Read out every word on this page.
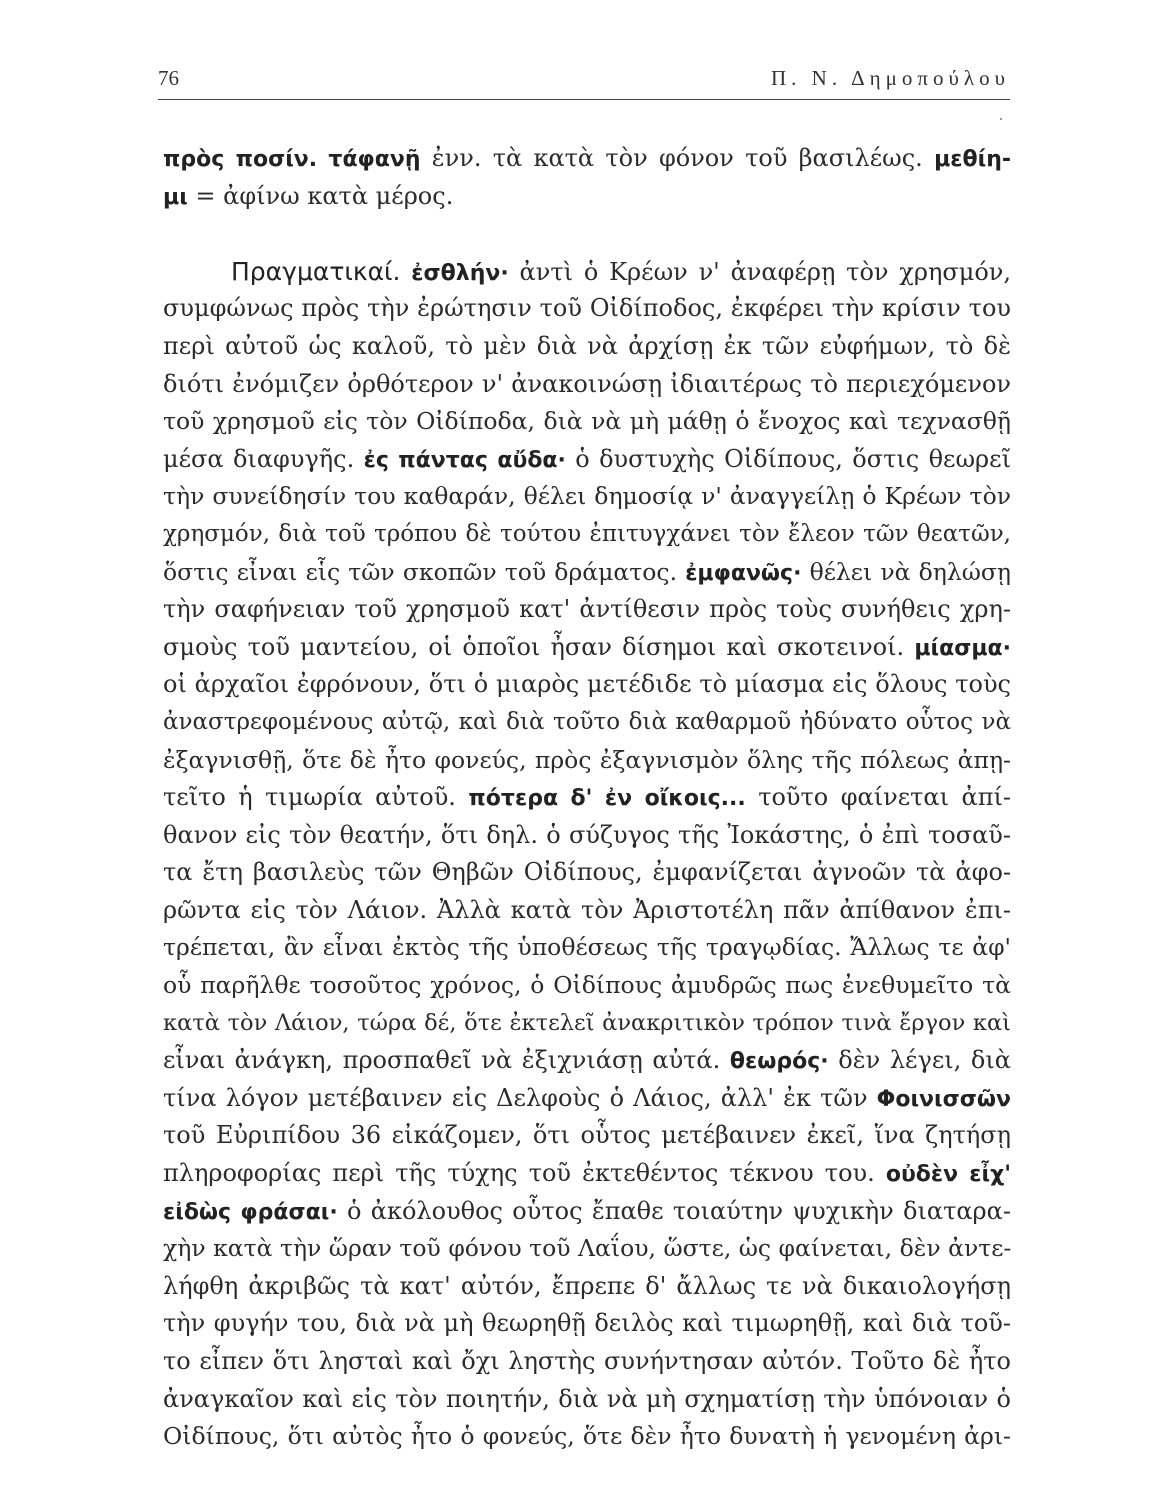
76	Π. Ν. Δημοπούλου
πρὸς ποσίν. τάφανῇ ἐνν. τὰ κατὰ τὸν φόνον τοῦ βασιλέως. μεθίη-
μι = ἀφίνω κατὰ μέρος.
Πραγματικαί. ἐσθλήν· ἀντὶ ὁ Κρέων ν' ἀναφέρῃ τὸν χρησμόν,
συμφώνως πρὸς τὴν ἐρώτησιν τοῦ Οἰδίποδος, ἐκφέρει τὴν κρίσιν του
περὶ αὐτοῦ ὡς καλοῦ, τὸ μὲν διὰ νὰ ἀρχίσῃ ἐκ τῶν εὐφήμων, τὸ δὲ
διότι ἐνόμιζεν ὀρθότερον ν' ἀνακοινώσῃ ἰδιαιτέρως τὸ περιεχόμενον
τοῦ χρησμοῦ εἰς τὸν Οἰδίποδα, διὰ νὰ μὴ μάθῃ ὁ ἔνοχος καὶ τεχνασθῇ
μέσα διαφυγῆς. ἐς πάντας αὔδα· ὁ δυστυχὴς Οἰδίπους, ὅστις θεωρεῖ
τὴν συνείδησίν του καθαράν, θέλει δημοσίᾳ ν' ἀναγγείλῃ ὁ Κρέων τὸν
χρησμόν, διὰ τοῦ τρόπου δὲ τούτου ἐπιτυγχάνει τὸν ἔλεον τῶν θεατῶν,
ὅστις εἶναι εἷς τῶν σκοπῶν τοῦ δράματος. ἐμφανῶς· θέλει νὰ δηλώσῃ
τὴν σαφήνειαν τοῦ χρησμοῦ κατ' ἀντίθεσιν πρὸς τοὺς συνήθεις χρη-
σμοὺς τοῦ μαντείου, οἱ ὁποῖοι ἦσαν δίσημοι καὶ σκοτεινοί. μίασμα·
οἱ ἀρχαῖοι ἐφρόνουν, ὅτι ὁ μιαρὸς μετέδιδε τὸ μίασμα εἰς ὅλους τοὺς
ἀναστρεφομένους αὐτῷ, καὶ διὰ τοῦτο διὰ καθαρμοῦ ἠδύνατο οὗτος νὰ
ἐξαγνισθῇ, ὅτε δὲ ἦτο φονεύς, πρὸς ἐξαγνισμὸν ὅλης τῆς πόλεως ἀπῃ-
τεῖτο ἡ τιμωρία αὐτοῦ. πότερα δ' ἐν οἴκοις... τοῦτο φαίνεται ἀπί-
θανον εἰς τὸν θεατήν, ὅτι δηλ. ὁ σύζυγος τῆς Ἰοκάστης, ὁ ἐπὶ τοσαῦ-
τα ἔτη βασιλεὺς τῶν Θηβῶν Οἰδίπους, ἐμφανίζεται ἀγνοῶν τὰ ἀφο-
ρῶντα εἰς τὸν Λάιον. Ἀλλὰ κατὰ τὸν Ἀριστοτέλη πᾶν ἀπίθανον ἐπι-
τρέπεται, ἂν εἶναι ἐκτὸς τῆς ὑποθέσεως τῆς τραγῳδίας. Ἄλλως τε ἀφ'
οὗ παρῆλθε τοσοῦτος χρόνος, ὁ Οἰδίπους ἀμυδρῶς πως ἐνεθυμεῖτο τὰ
κατὰ τὸν Λάιον, τώρα δέ, ὅτε ἐκτελεῖ ἀνακριτικὸν τρόπον τινὰ ἔργον καὶ
εἶναι ἀνάγκη, προσπαθεῖ νὰ ἐξιχνιάσῃ αὐτά. θεωρός· δὲν λέγει, διὰ
τίνα λόγον μετέβαινεν εἰς Δελφοὺς ὁ Λάιος, ἀλλ' ἐκ τῶν Φοινισσῶν
τοῦ Εὐριπίδου 36 εἰκάζομεν, ὅτι οὗτος μετέβαινεν ἐκεῖ, ἵνα ζητήσῃ
πληροφορίας περὶ τῆς τύχης τοῦ ἐκτεθέντος τέκνου του. οὐδὲν εἶχ'
εἰδὼς φράσαι· ὁ ἀκόλουθος οὗτος ἔπαθε τοιαύτην ψυχικὴν διαταρα-
χὴν κατὰ τὴν ὥραν τοῦ φόνου τοῦ Λαΐου, ὥστε, ὡς φαίνεται, δὲν ἀντε-
λήφθη ἀκριβῶς τὰ κατ' αὐτόν, ἔπρεπε δ' ἄλλως τε νὰ δικαιολογήσῃ
τὴν φυγήν του, διὰ νὰ μὴ θεωρηθῇ δειλὸς καὶ τιμωρηθῇ, καὶ διὰ τοῦ-
το εἶπεν ὅτι λησταὶ καὶ ὄχι ληστὴς συνήντησαν αὐτόν. Τοῦτο δὲ ἦτο
ἀναγκαῖον καὶ εἰς τὸν ποιητήν, διὰ νὰ μὴ σχηματίσῃ τὴν ὑπόνοιαν ὁ
Οἰδίπους, ὅτι αὐτὸς ἦτο ὁ φονεύς, ὅτε δὲν ἦτο δυνατὴ ἡ γενομένη ἀρι-
